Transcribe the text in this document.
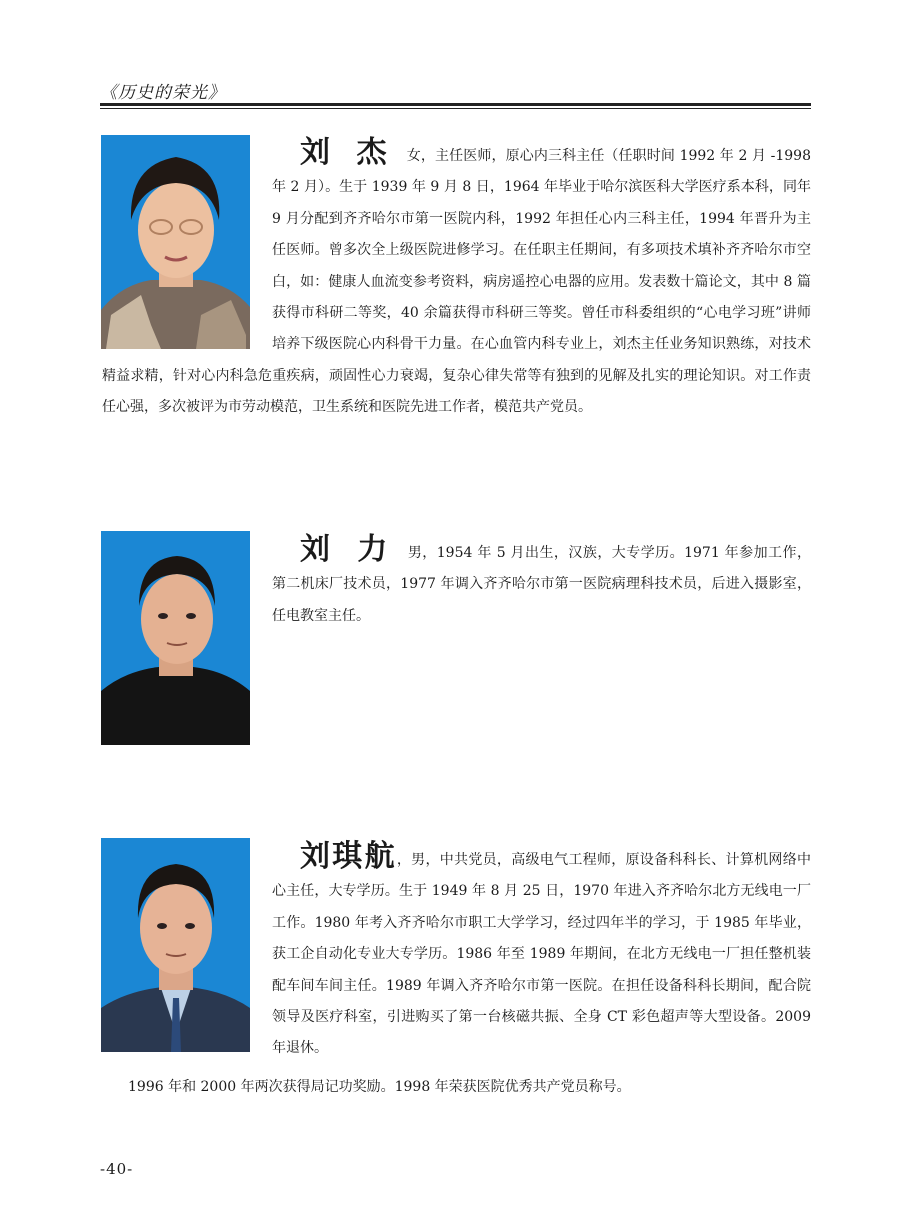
《历史的荣光》

刘 杰 女，主任医师，原心内三科主任（任职时间 1992 年 2 月 -1998 年 2 月）。生于 1939 年 9 月 8 日，1964 年毕业于哈尔滨医科大学医疗系本科，同年 9 月分配到齐齐哈尔市第一医院内科，1992 年担任心内三科主任，1994 年晋升为主任医师。曾多次全上级医院进修学习。在任职主任期间，有多项技术填补齐齐哈尔市空白，如：健康人血流变参考资料，病房遥控心电器的应用。发表数十篇论文，其中 8 篇获得市科研二等奖，40 余篇获得市科研三等奖。曾任市科委组织的“心电学习班”讲师培养下级医院心内科骨干力量。在心血管内科专业上，刘杰主任业务知识熟练，对技术精益求精，针对心内科急危重疾病，顽固性心力衰竭，复杂心律失常等有独到的见解及扎实的理论知识。对工作责任心强，多次被评为市劳动模范，卫生系统和医院先进工作者，模范共产党员。

刘 力 男，1954 年 5 月出生，汉族，大专学历。1971 年参加工作，第二机床厂技术员，1977 年调入齐齐哈尔市第一医院病理科技术员，后进入摄影室，任电教室主任。

刘琪航，男，中共党员，高级电气工程师，原设备科科长、计算机网络中心主任，大专学历。生于 1949 年 8 月 25 日，1970 年进入齐齐哈尔北方无线电一厂工作。1980 年考入齐齐哈尔市职工大学学习，经过四年半的学习，于 1985 年毕业，获工企自动化专业大专学历。1986 年至 1989 年期间，在北方无线电一厂担任整机装配车间车间主任。1989 年调入齐齐哈尔市第一医院。在担任设备科科长期间，配合院领导及医疗科室，引进购买了第一台核磁共振、全身 CT 彩色超声等大型设备。2009 年退休。

1996 年和 2000 年两次获得局记功奖励。1998 年荣获医院优秀共产党员称号。
-40-
